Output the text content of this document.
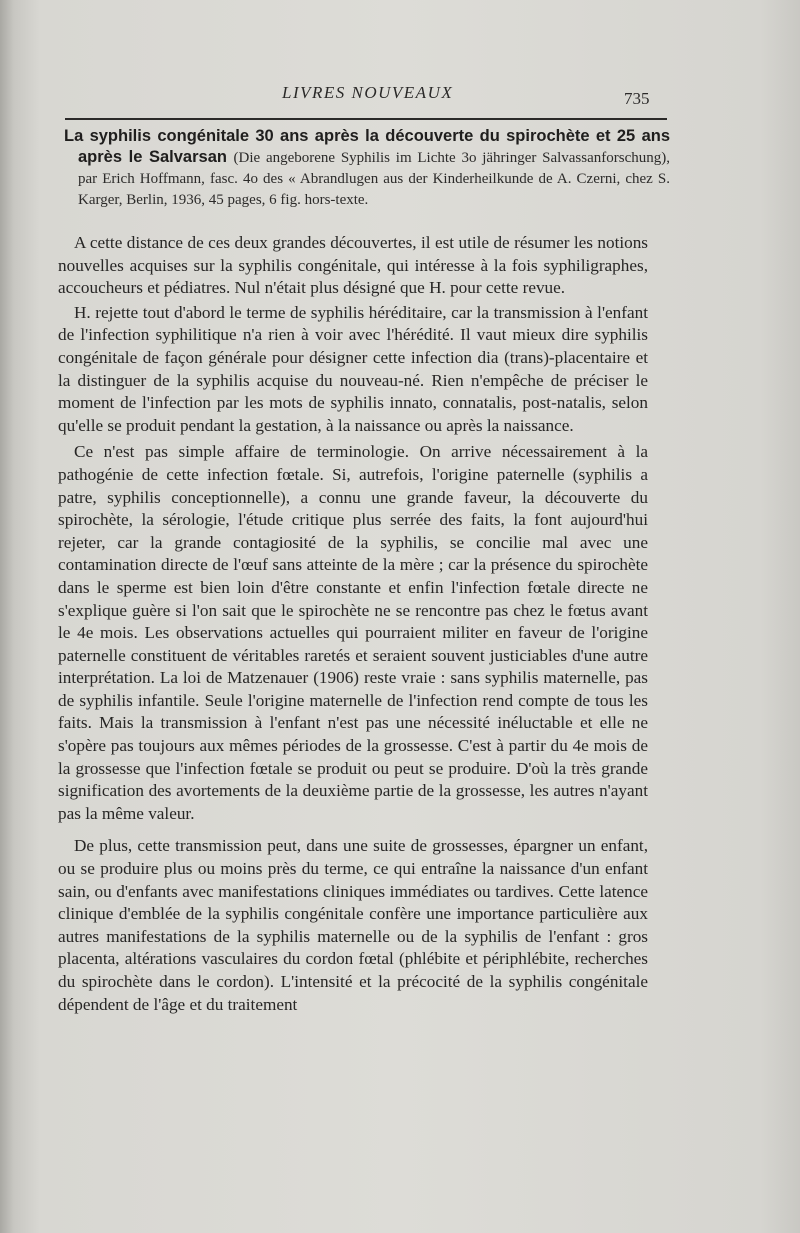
LIVRES NOUVEAUX	735
La syphilis congénitale 30 ans après la découverte du spirochète et 25 ans après le Salvarsan (Die angeborene Syphilis im Lichte 3o jähringer Salvassanforschung), par Erich Hoffmann, fasc. 4o des « Abrandlugen aus der Kinderheilkunde de A. Czerni, chez S. Karger, Berlin, 1936, 45 pages, 6 fig. hors-texte.

A cette distance de ces deux grandes découvertes, il est utile de résumer les notions nouvelles acquises sur la syphilis congénitale, qui intéresse à la fois syphiligraphes, accoucheurs et pédiatres. Nul n'était plus désigné que H. pour cette revue.

H. rejette tout d'abord le terme de syphilis héréditaire, car la transmission à l'enfant de l'infection syphilitique n'a rien à voir avec l'hérédité. Il vaut mieux dire syphilis congénitale de façon générale pour désigner cette infection dia (trans)-placentaire et la distinguer de la syphilis acquise du nouveau-né. Rien n'empêche de préciser le moment de l'infection par les mots de syphilis innato, connatalis, post-natalis, selon qu'elle se produit pendant la gestation, à la naissance ou après la naissance.

Ce n'est pas simple affaire de terminologie. On arrive nécessairement à la pathogénie de cette infection fœtale. Si, autrefois, l'origine paternelle (syphilis a patre, syphilis conceptionnelle), a connu une grande faveur, la découverte du spirochète, la sérologie, l'étude critique plus serrée des faits, la font aujourd'hui rejeter, car la grande contagiosité de la syphilis, se concilie mal avec une contamination directe de l'œuf sans atteinte de la mère ; car la présence du spirochète dans le sperme est bien loin d'être constante et enfin l'infection fœtale directe ne s'explique guère si l'on sait que le spirochète ne se rencontre pas chez le fœtus avant le 4e mois. Les observations actuelles qui pourraient militer en faveur de l'origine paternelle constituent de véritables raretés et seraient souvent justiciables d'une autre interprétation. La loi de Matzenauer (1906) reste vraie : sans syphilis maternelle, pas de syphilis infantile. Seule l'origine maternelle de l'infection rend compte de tous les faits. Mais la transmission à l'enfant n'est pas une nécessité inéluctable et elle ne s'opère pas toujours aux mêmes périodes de la grossesse. C'est à partir du 4e mois de la grossesse que l'infection fœtale se produit ou peut se produire. D'où la très grande signification des avortements de la deuxième partie de la grossesse, les autres n'ayant pas la même valeur.

De plus, cette transmission peut, dans une suite de grossesses, épargner un enfant, ou se produire plus ou moins près du terme, ce qui entraîne la naissance d'un enfant sain, ou d'enfants avec manifestations cliniques immédiates ou tardives. Cette latence clinique d'emblée de la syphilis congénitale confère une importance particulière aux autres manifestations de la syphilis maternelle ou de la syphilis de l'enfant : gros placenta, altérations vasculaires du cordon fœtal (phlébite et périphlébite, recherches du spirochète dans le cordon). L'intensité et la précocité de la syphilis congénitale dépendent de l'âge et du traitement
